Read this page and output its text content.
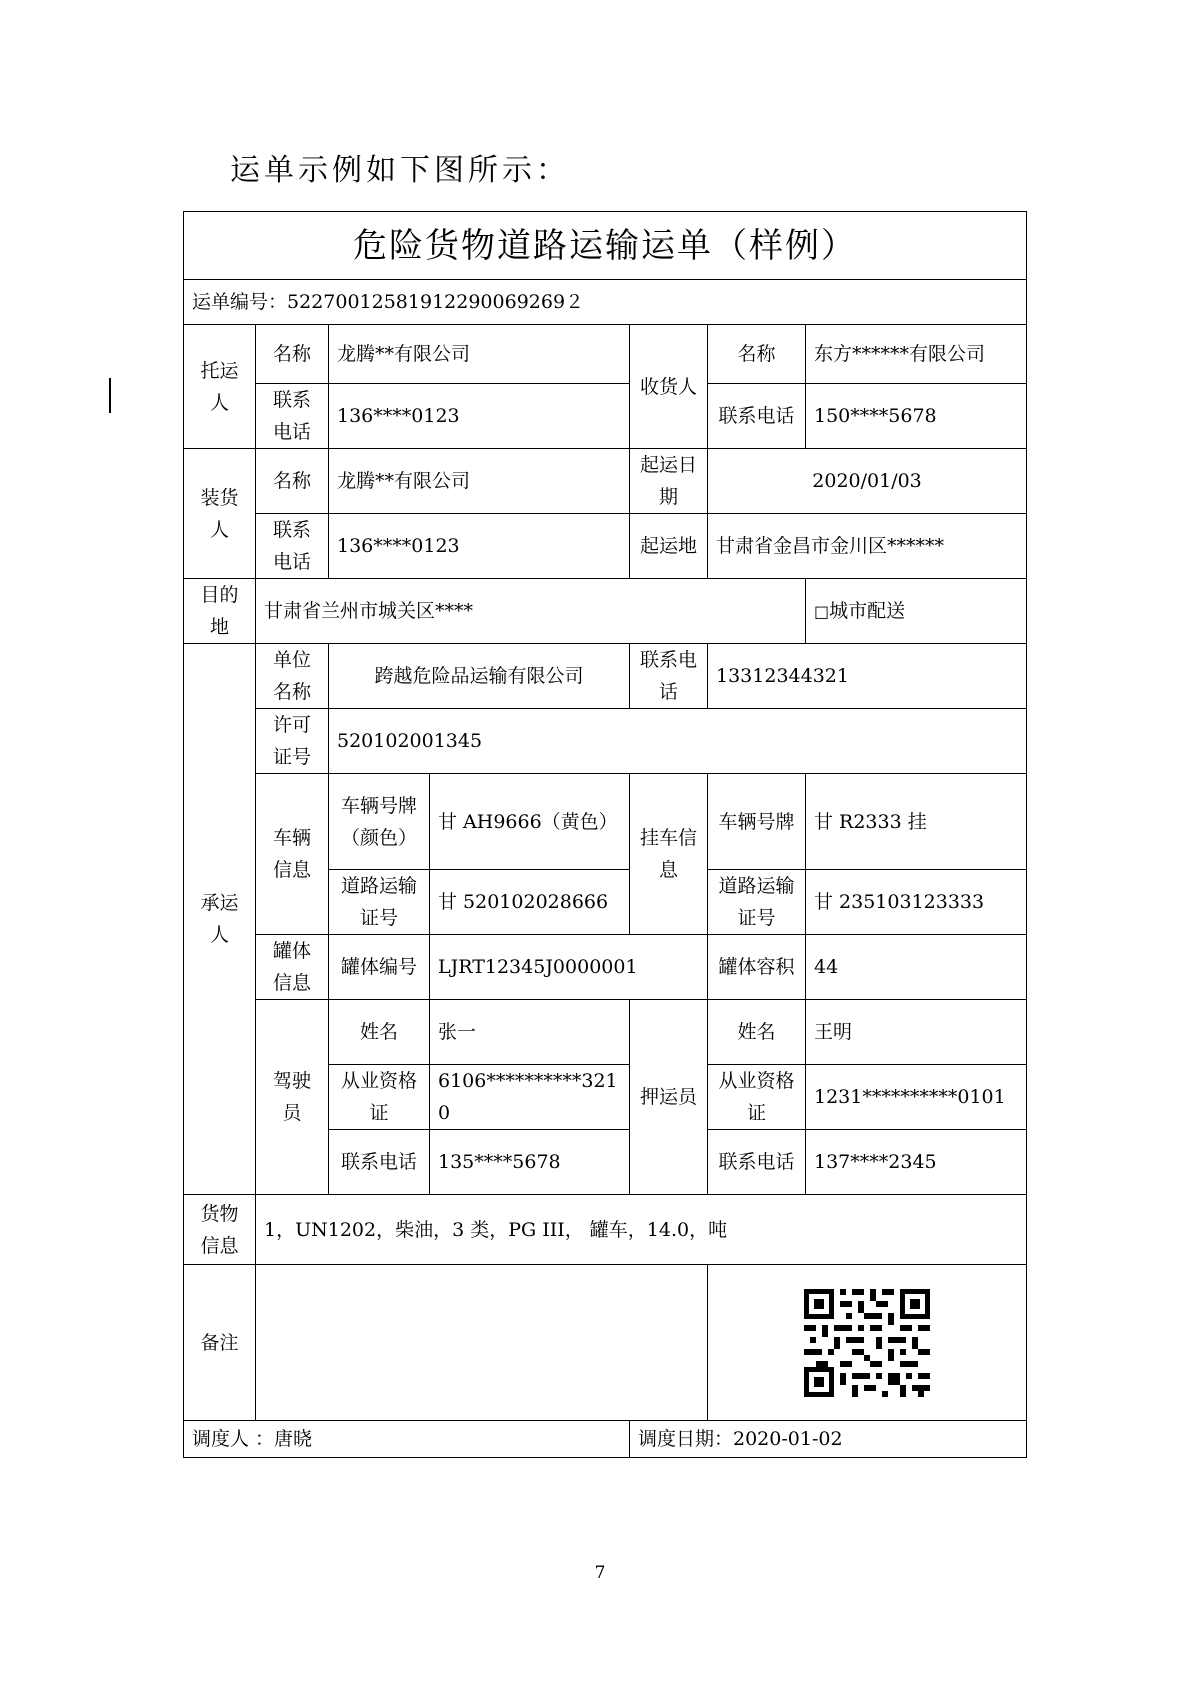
运单示例如下图所示：
危险货物道路运输运单（样例）						
运单编号：52270012581912290069269２						
托运人	名称	龙腾**有限公司		收货人	名称	东方******有限公司
	联系电话	136****0123			联系电话	150****5678
装货人	名称	龙腾**有限公司		起运日期	2020/01/03	
	联系电话	136****0123		起运地	甘肃省金昌市金川区******	
目的地	甘肃省兰州市城关区****					□城市配送
承运人	单位名称	跨越危险品运输有限公司		联系电话	13312344321	
	许可证号	520102001345				
	车辆信息	车辆号牌（颜色）	甘 AH9666（黄色）	挂车信息	车辆号牌	甘 R2333 挂
		道路运输证号	甘 520102028666		道路运输证号	甘 235103123333
	罐体信息	罐体编号	LJRT12345J0000001		罐体容积	44
	驾驶员	姓名	张一	押运员	姓名	王明
		从业资格证	6106**********3210		从业资格证	1231**********0101
		联系电话	135****5678		联系电话	137****2345

货物信息	1，UN1202，柴油，3 类，PG III， 罐车，14.0，吨					
备注		

调度人 ：唐晓				调度日期：2020-01-02		
7
